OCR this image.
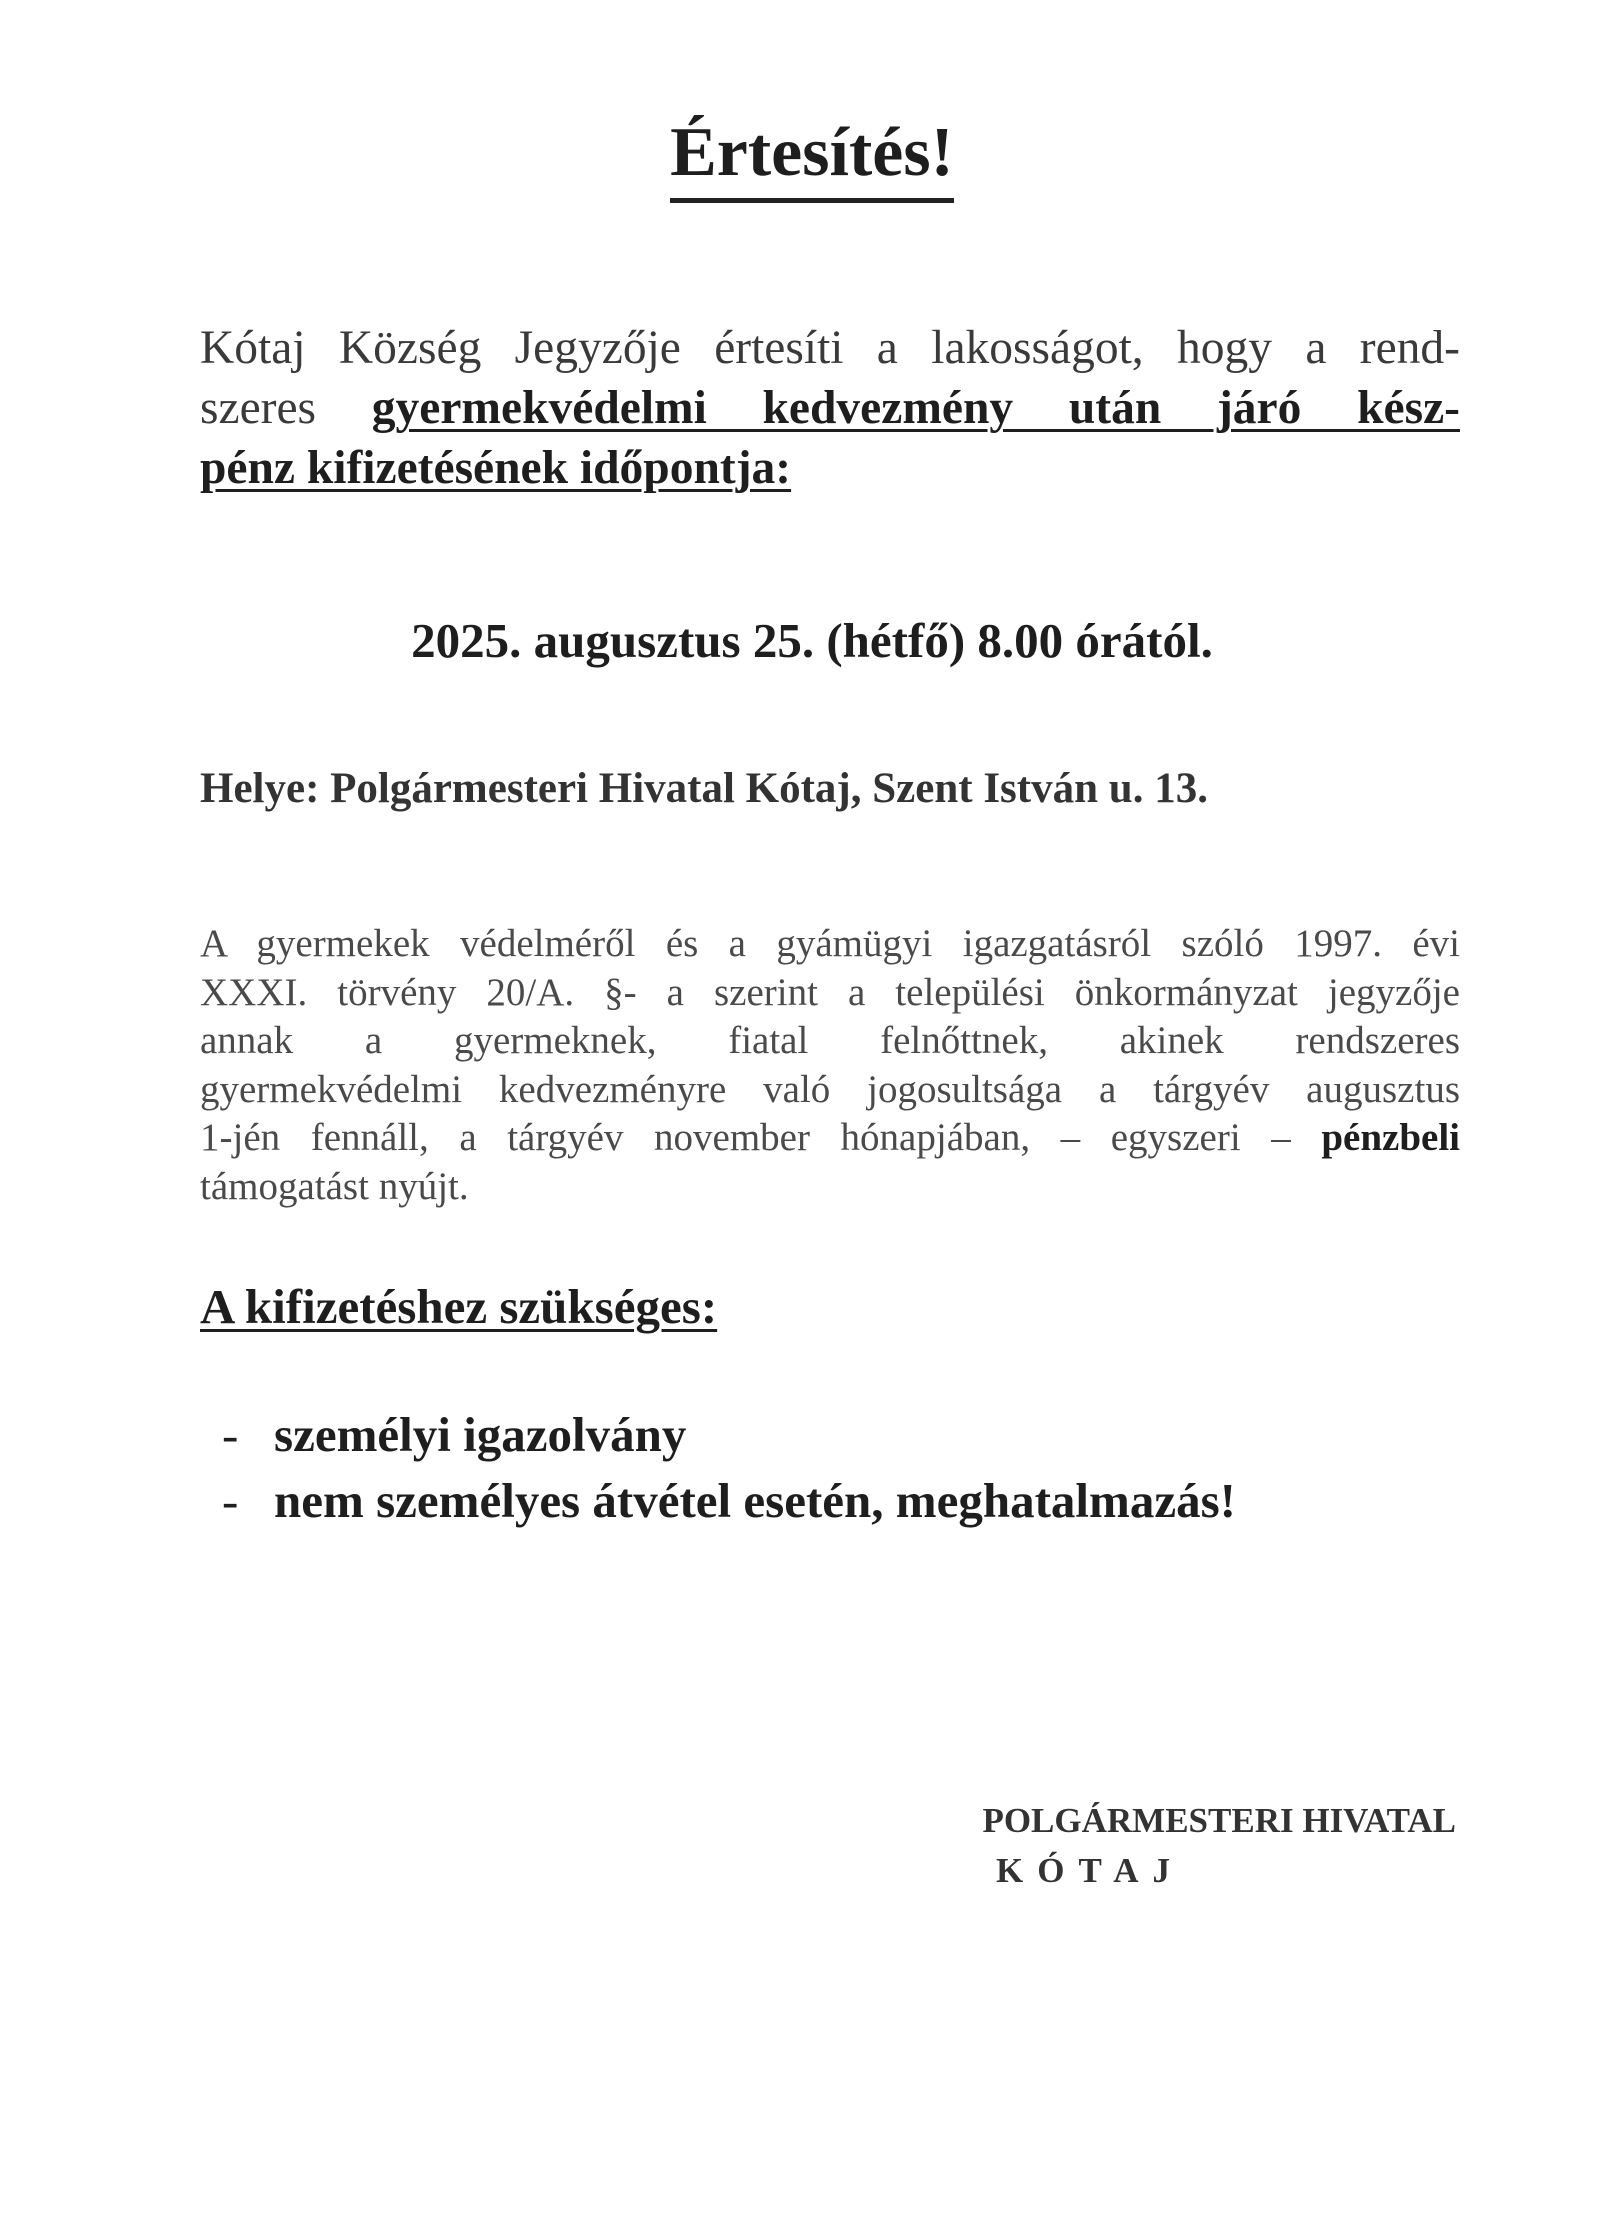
Értesítés!
Kótaj Község Jegyzője értesíti a lakosságot, hogy a rend-
szeres gyermekvédelmi kedvezmény után járó kész-
pénz kifizetésének időpontja:
2025. augusztus 25. (hétfő) 8.00 órától.
Helye: Polgármesteri Hivatal Kótaj, Szent István u. 13.
A gyermekek védelméről és a gyámügyi igazgatásról szóló 1997. évi
XXXI. törvény 20/A. §- a szerint a települési önkormányzat jegyzője
annak a gyermeknek, fiatal felnőttnek, akinek rendszeres
gyermekvédelmi kedvezményre való jogosultsága a tárgyév augusztus
1-jén fennáll, a tárgyév november hónapjában, – egyszeri – pénzbeli
támogatást nyújt.
A kifizetéshez szükséges:
- személyi igazolvány
- nem személyes átvétel esetén, meghatalmazás!
POLGÁRMESTERI HIVATAL
KÓTAJ
